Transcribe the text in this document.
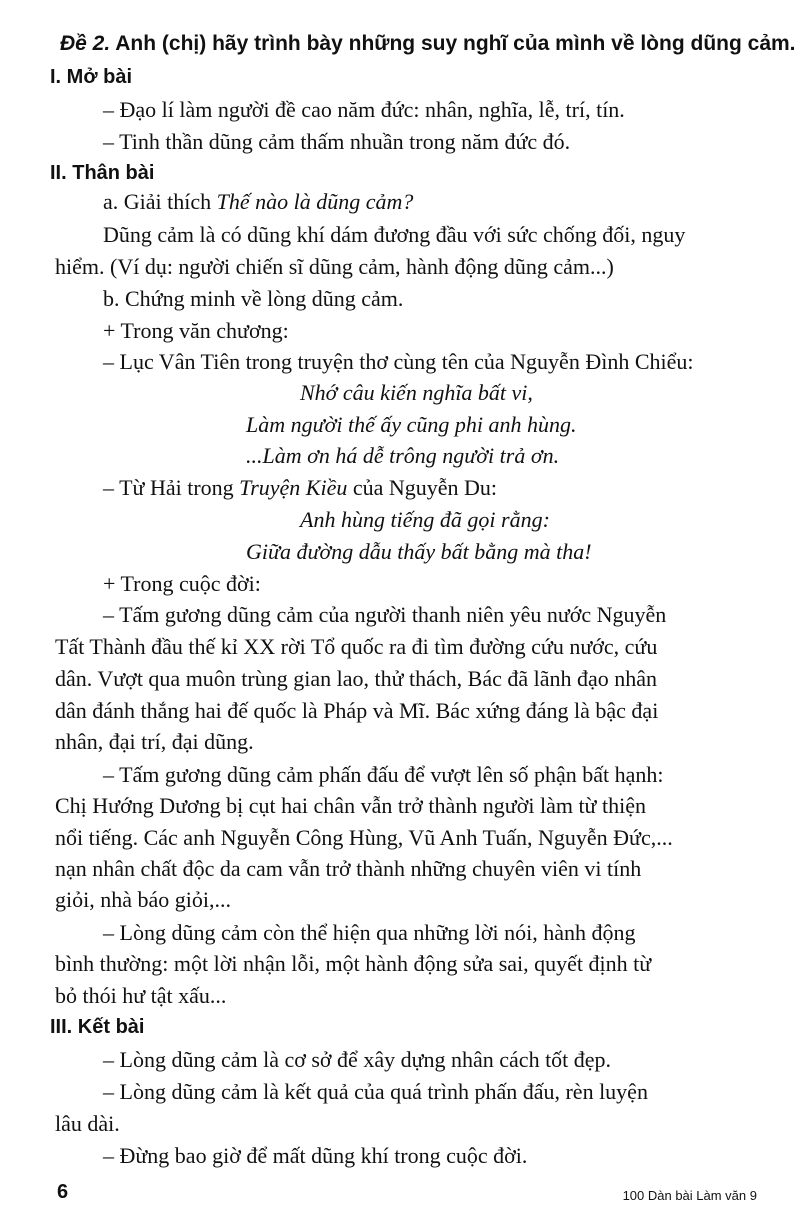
Đề 2. Anh (chị) hãy trình bày những suy nghĩ của mình về lòng dũng cảm.
I. Mở bài
– Đạo lí làm người đề cao năm đức: nhân, nghĩa, lễ, trí, tín.
– Tinh thần dũng cảm thấm nhuần trong năm đức đó.
II. Thân bài
a. Giải thích Thế nào là dũng cảm?
Dũng cảm là có dũng khí dám đương đầu với sức chống đối, nguy
hiểm. (Ví dụ: người chiến sĩ dũng cảm, hành động dũng cảm...)
b. Chứng minh về lòng dũng cảm.
+ Trong văn chương:
– Lục Vân Tiên trong truyện thơ cùng tên của Nguyễn Đình Chiểu:
Nhớ câu kiến nghĩa bất vi,
Làm người thế ấy cũng phi anh hùng.
...Làm ơn há dễ trông người trả ơn.
– Từ Hải trong Truyện Kiều của Nguyễn Du:
Anh hùng tiếng đã gọi rằng:
Giữa đường dẫu thấy bất bằng mà tha!
+ Trong cuộc đời:
– Tấm gương dũng cảm của người thanh niên yêu nước Nguyễn
Tất Thành đầu thế kỉ XX rời Tổ quốc ra đi tìm đường cứu nước, cứu
dân. Vượt qua muôn trùng gian lao, thử thách, Bác đã lãnh đạo nhân
dân đánh thắng hai đế quốc là Pháp và Mĩ. Bác xứng đáng là bậc đại
nhân, đại trí, đại dũng.
– Tấm gương dũng cảm phấn đấu để vượt lên số phận bất hạnh:
Chị Hướng Dương bị cụt hai chân vẫn trở thành người làm từ thiện
nổi tiếng. Các anh Nguyễn Công Hùng, Vũ Anh Tuấn, Nguyễn Đức,...
nạn nhân chất độc da cam vẫn trở thành những chuyên viên vi tính
giỏi, nhà báo giỏi,...
– Lòng dũng cảm còn thể hiện qua những lời nói, hành động
bình thường: một lời nhận lỗi, một hành động sửa sai, quyết định từ
bỏ thói hư tật xấu...
III. Kết bài
– Lòng dũng cảm là cơ sở để xây dựng nhân cách tốt đẹp.
– Lòng dũng cảm là kết quả của quá trình phấn đấu, rèn luyện
lâu dài.
– Đừng bao giờ để mất dũng khí trong cuộc đời.
6	100 Dàn bài Làm văn 9
